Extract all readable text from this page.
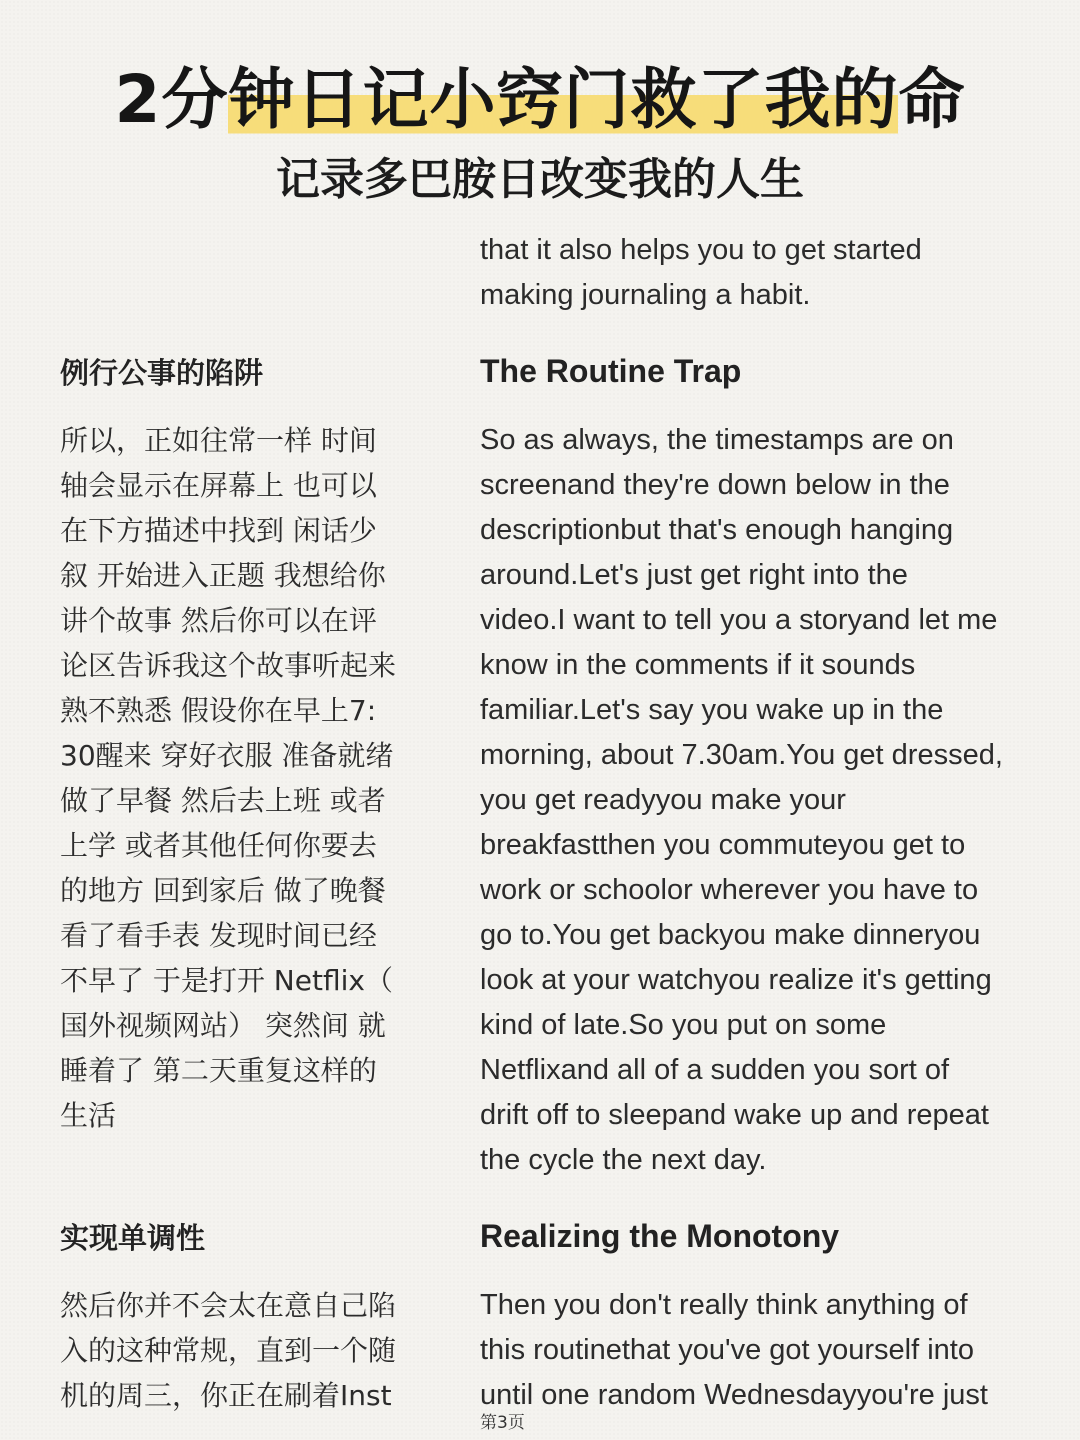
2分钟日记小窍门救了我的命
记录多巴胺日改变我的人生
that it also helps you to get started
making journaling a habit.
例行公事的陷阱	The Routine Trap
所以，正如往常一样 时间
轴会显示在屏幕上 也可以
在下方描述中找到 闲话少
叙 开始进入正题 我想给你
讲个故事 然后你可以在评
论区告诉我这个故事听起来
熟不熟悉 假设你在早上7:
30醒来 穿好衣服 准备就绪
做了早餐 然后去上班 或者
上学 或者其他任何你要去
的地方 回到家后 做了晚餐
看了看手表 发现时间已经
不早了 于是打开 Netflix（
国外视频网站） 突然间 就
睡着了 第二天重复这样的
生活
So as always, the timestamps are on
screenand they're down below in the
descriptionbut that's enough hanging
around.Let's just get right into the
video.I want to tell you a storyand let me
know in the comments if it sounds
familiar.Let's say you wake up in the
morning, about 7.30am.You get dressed,
you get readyyou make your
breakfastthen you commuteyou get to
work or schoolor wherever you have to
go to.You get backyou make dinneryou
look at your watchyou realize it's getting
kind of late.So you put on some
Netflixand all of a sudden you sort of
drift off to sleepand wake up and repeat
the cycle the next day.
实现单调性	Realizing the Monotony
然后你并不会太在意自己陷
入的这种常规，直到一个随
机的周三，你正在刷着Inst
Then you don't really think anything of
this routinethat you've got yourself into
until one random Wednesdayyou're just
第3页
